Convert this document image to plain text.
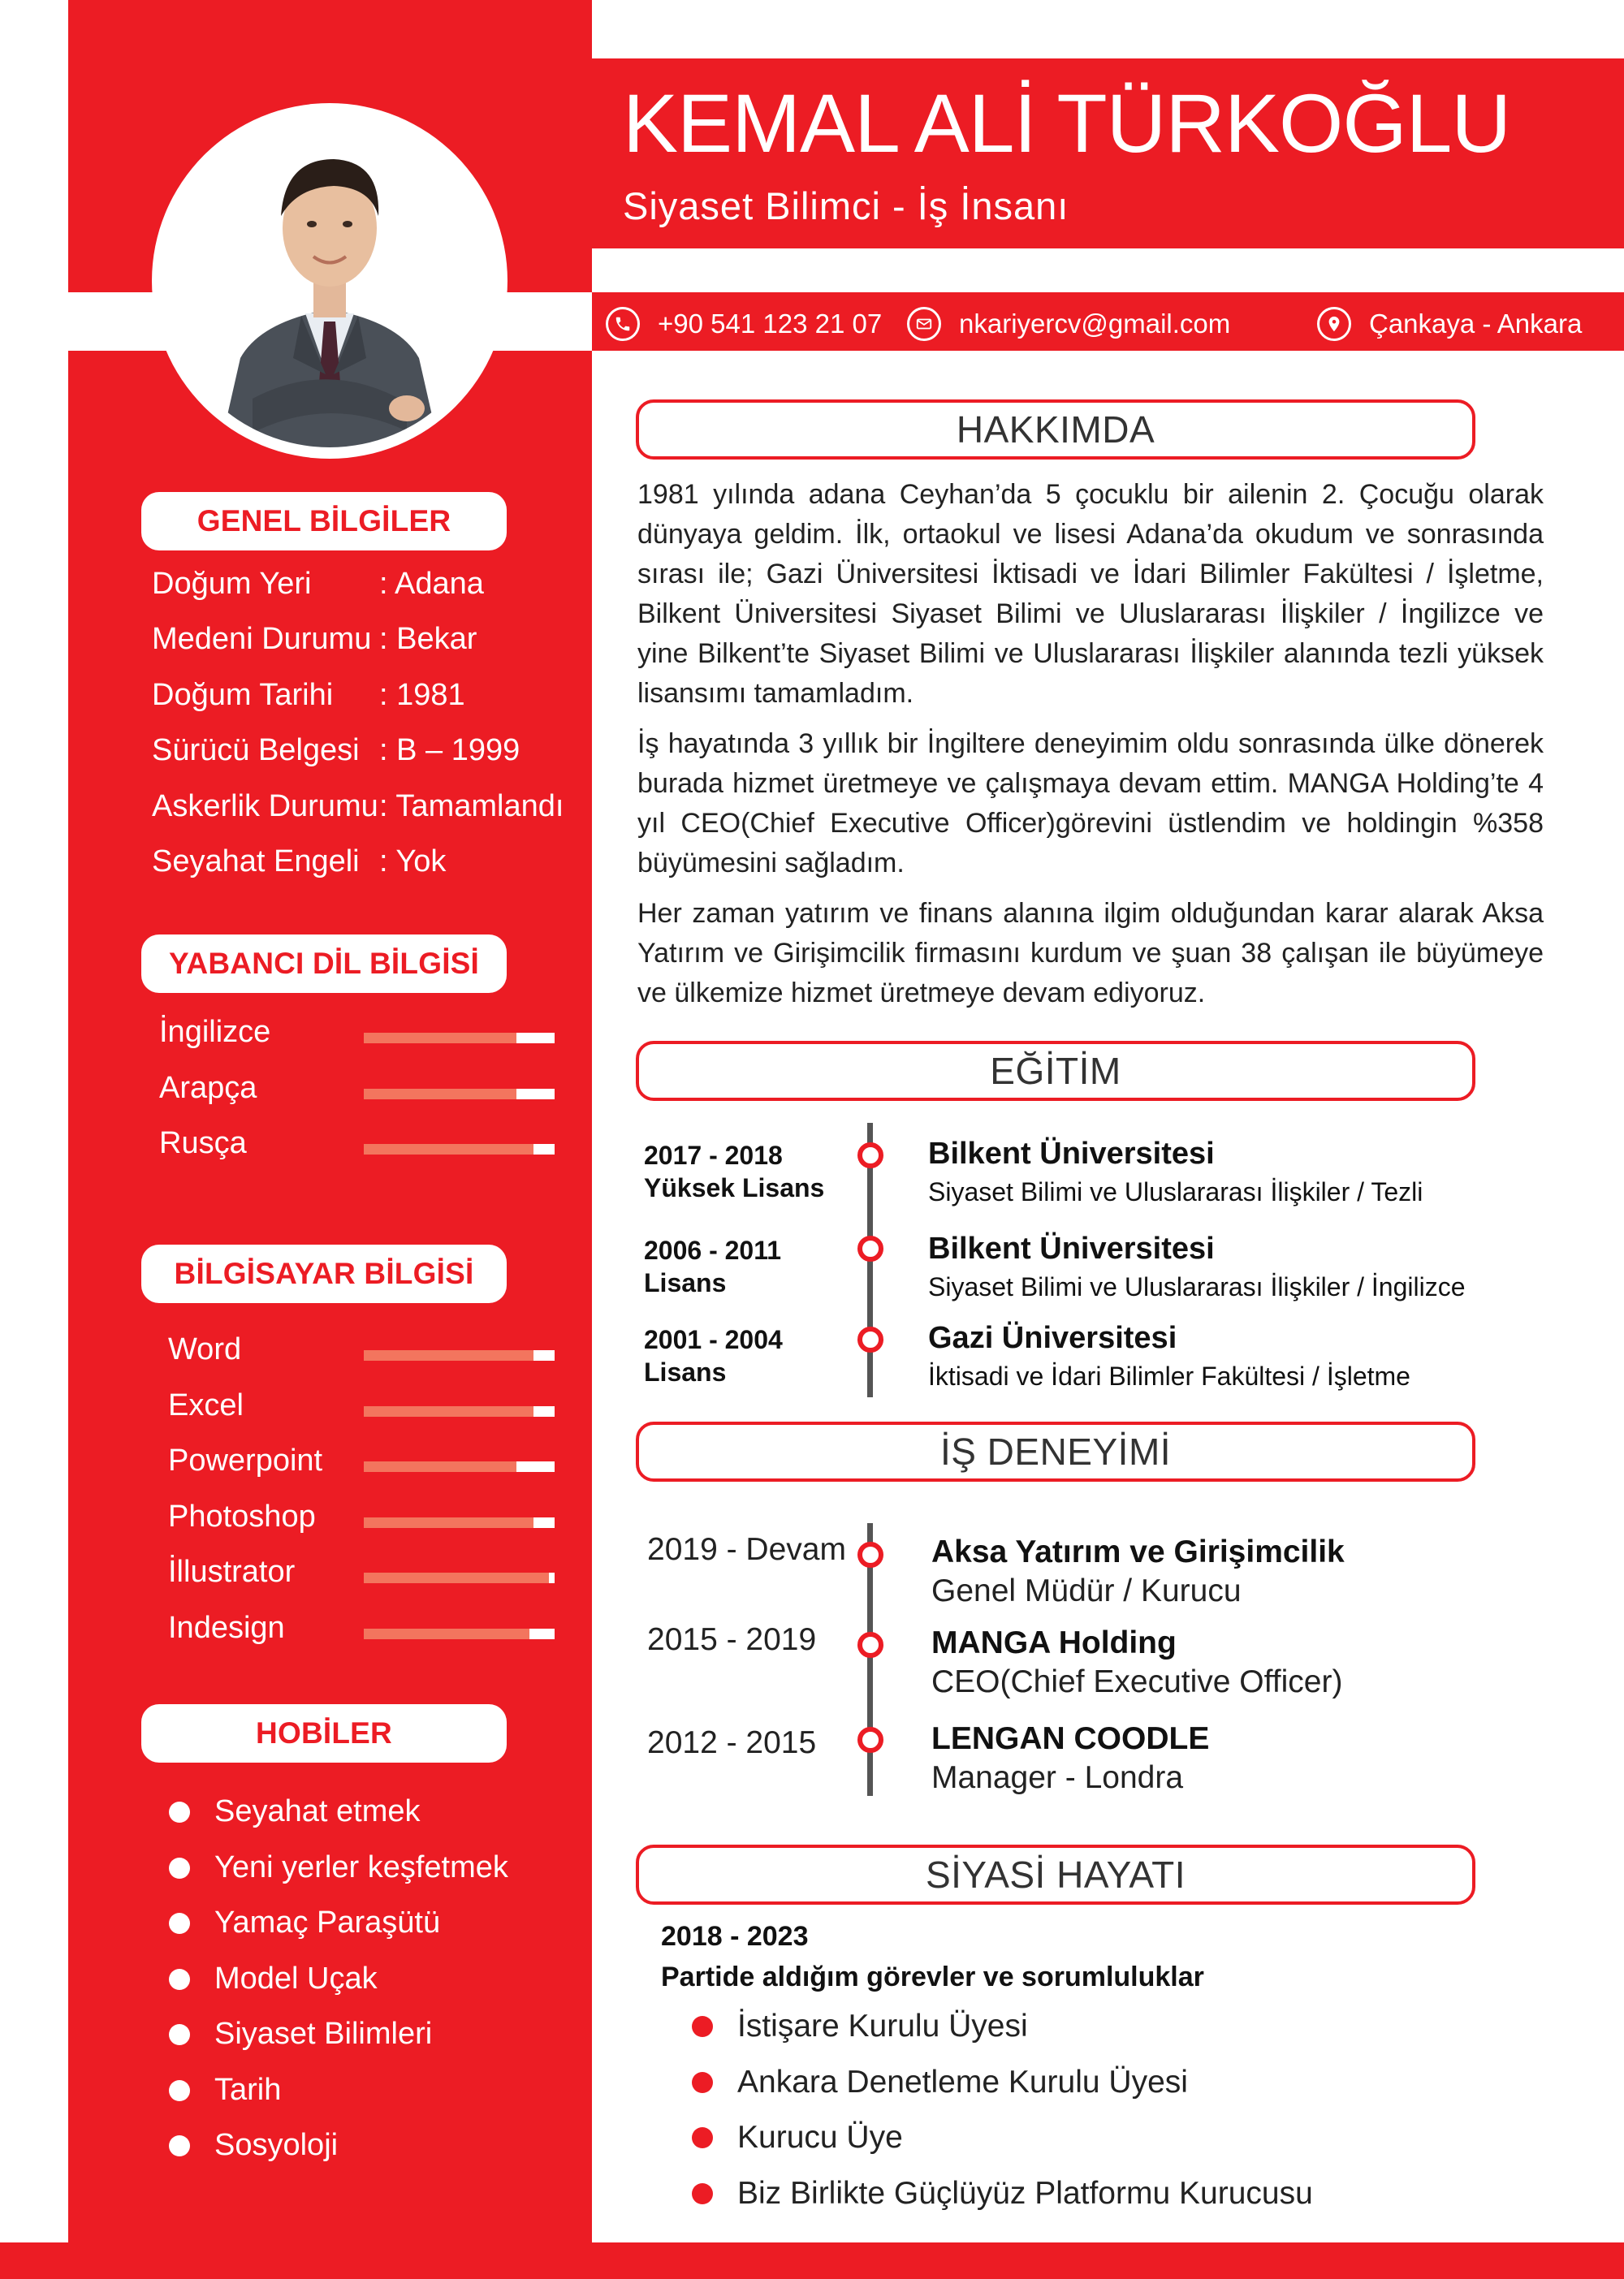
GENEL BİLGİLER
Doğum Yeri	: Adana
Medeni Durumu : Bekar
Doğum Tarihi	: 1981
Sürücü Belgesi : B – 1999
Askerlik Durumu : Tamamlandı
Seyahat Engeli : Yok
YABANCI DİL BİLGİSİ
İngilizce
Arapça
Rusça
BİLGİSAYAR BİLGİSİ
Word
Excel
Powerpoint
Photoshop
İllustrator
Indesign
HOBİLER
Seyahat etmek
Yeni yerler keşfetmek
Yamaç Paraşütü
Model Uçak
Siyaset Bilimleri
Tarih
Sosyoloji
KEMAL ALİ TÜRKOĞLU
Siyaset Bilimci - İş İnsanı
+90 541 123 21 07	nkariyercv@gmail.com	Çankaya - Ankara
HAKKIMDA
1981 yılında adana Ceyhan’da 5 çocuklu bir ailenin 2. Çocuğu olarak dünyaya geldim. İlk, ortaokul ve lisesi Adana’da okudum ve sonrasında sırası ile; Gazi Üniversitesi İktisadi ve İdari Bilimler Fakültesi / İşletme, Bilkent Üniversitesi Siyaset Bilimi ve Uluslararası İlişkiler / İngilizce ve yine Bilkent’te Siyaset Bilimi ve Uluslararası İlişkiler alanında tezli yüksek lisansımı tamamladım.
İş hayatında 3 yıllık bir İngiltere deneyimim oldu sonrasında ülke dönerek burada hizmet üretmeye ve çalışmaya devam ettim. MANGA Holding’te 4 yıl CEO(Chief Executive Officer)görevini üstlendim ve holdingin %358 büyümesini sağladım.
Her zaman yatırım ve finans alanına ilgim olduğundan karar alarak Aksa Yatırım ve Girişimcilik firmasını kurdum ve şuan 38 çalışan ile büyümeye ve ülkemize hizmet üretmeye devam ediyoruz.
EĞİTİM
2017 - 2018
Yüksek Lisans
Bilkent Üniversitesi
Siyaset Bilimi ve Uluslararası İlişkiler / Tezli
2006 - 2011
Lisans
Bilkent Üniversitesi
Siyaset Bilimi ve Uluslararası İlişkiler / İngilizce
2001 - 2004
Lisans
Gazi Üniversitesi
İktisadi ve İdari Bilimler Fakültesi / İşletme
İŞ DENEYİMİ
2019 - Devam	Aksa Yatırım ve Girişimcilik
Genel Müdür / Kurucu
2015 - 2019	MANGA Holding
CEO(Chief Executive Officer)
2012 - 2015	LENGAN COODLE
Manager - Londra
SİYASİ HAYATI
2018 - 2023
Partide aldığım görevler ve sorumluluklar
İstişare Kurulu Üyesi
Ankara Denetleme Kurulu Üyesi
Kurucu Üye
Biz Birlikte Güçlüyüz Platformu Kurucusu
